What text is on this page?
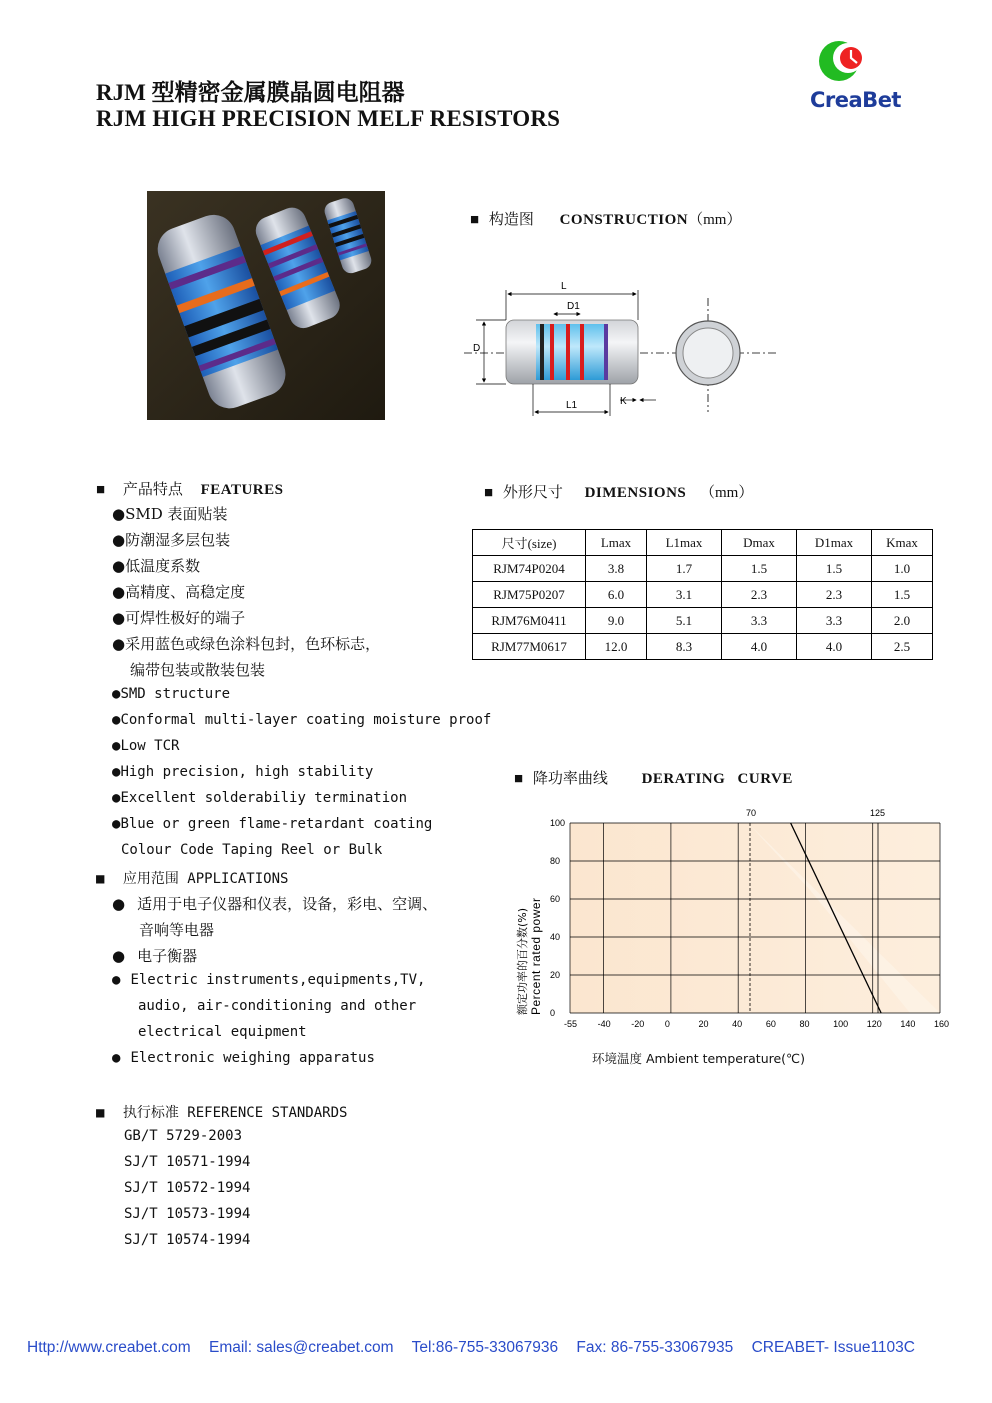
RJM 型精密金属膜晶圆电阻器
RJM HIGH PRECISION MELF RESISTORS
CreaBet
■ 构造图 CONSTRUCTION（mm）
L
D1
D
L1	K
■ 产品特点 FEATURES
●SMD 表面贴装
●防潮湿多层包装
●低温度系数
●高精度、高稳定度
●可焊性极好的端子
●采用蓝色或绿色涂料包封，色环标志，
编带包装或散装包装
●SMD structure
●Conformal multi-layer coating moisture proof
●Low TCR
●High precision, high stability
●Excellent solderabiliy termination
●Blue or green flame-retardant coating
Colour Code Taping Reel or Bulk
■ 应用范围 APPLICATIONS
● 适用于电子仪器和仪表，设备，彩电、空调、
音响等电器
● 电子衡器
● Electric instruments,equipments,TV,
audio, air-conditioning and other
electrical equipment
● Electronic weighing apparatus
■ 执行标准 REFERENCE STANDARDS
GB/T 5729-2003
SJ/T 10571-1994
SJ/T 10572-1994
SJ/T 10573-1994
SJ/T 10574-1994
■ 外形尺寸 DIMENSIONS （mm）
尺寸(size)	Lmax	L1max	Dmax	D1max	Kmax
RJM74P0204	3.8	1.7	1.5	1.5	1.0
RJM75P0207	6.0	3.1	2.3	2.3	1.5
RJM76M0411	9.0	5.1	3.3	3.3	2.0
RJM77M0617	12.0	8.3	4.0	4.0	2.5
■ 降功率曲线 DERATING CURVE
-55 -40 -20 0	20	40	60	80	100 120 140 160
0
20
40
60
80
100
70	125
额定功率的百分数(%) Percent rated power
环境温度 Ambient temperature(℃)
Http://www.creabet.com Email: sales@creabet.com Tel:86-755-33067936 Fax: 86-755-33067935 CREABET- Issue1103C
